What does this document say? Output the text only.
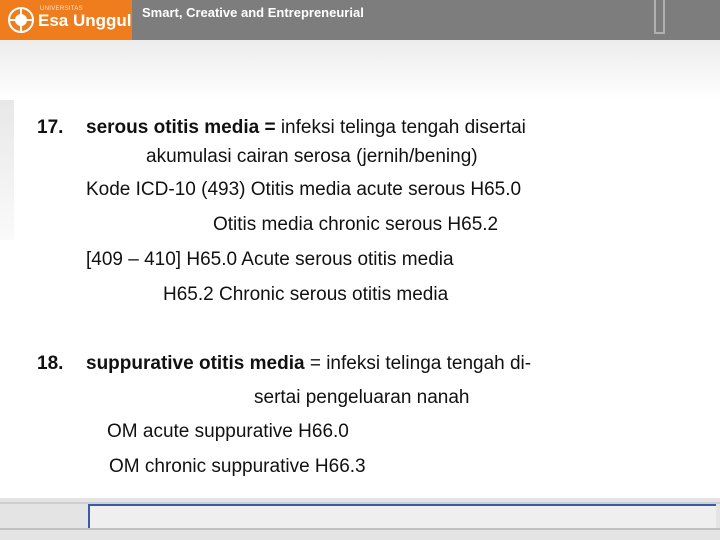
UNIVERSITAS
Esa Unggul Smart, Creative and Entrepreneurial
17. serous otitis media = infeksi telinga tengah disertai
akumulasi cairan serosa (jernih/bening)
Kode ICD-10 (493) Otitis media acute serous H65.0
Otitis media chronic serous H65.2
[409 – 410] H65.0 Acute serous otitis media
H65.2 Chronic serous otitis media
18. suppurative otitis media = infeksi telinga tengah di-
sertai pengeluaran nanah
OM acute suppurative H66.0
OM chronic suppurative H66.3
